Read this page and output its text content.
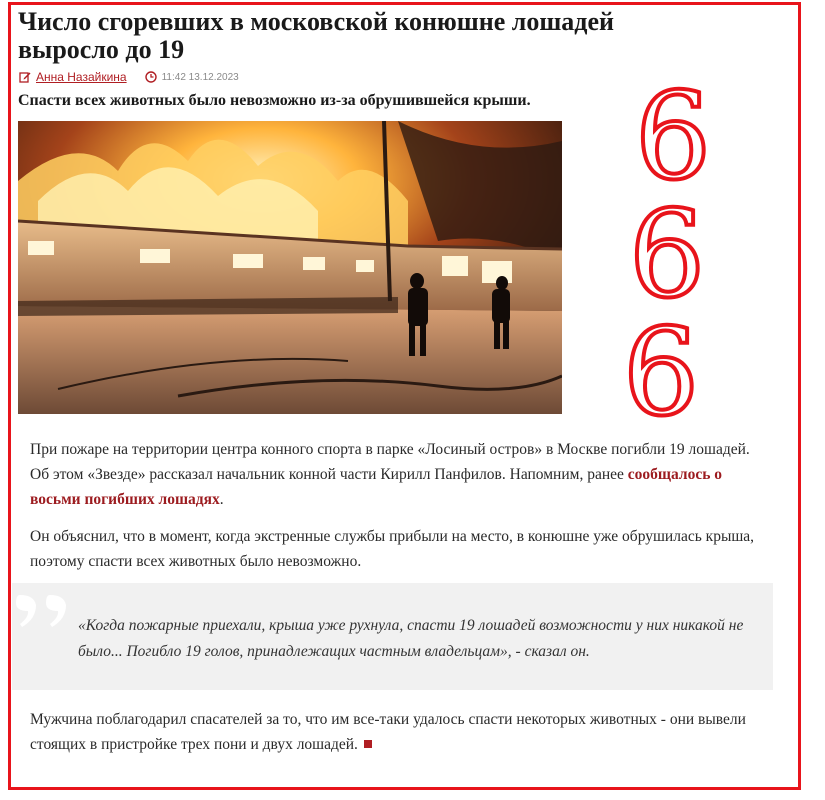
Число сгоревших в московской конюшне лошадей выросло до 19
Анна Назайкина	11:42 13.12.2023

Спасти всех животных было невозможно из-за обрушившейся крыши. 6 6 6

При пожаре на территории центра конного спорта в парке «Лосиный остров» в Москве погибли 19 лошадей. Об этом «Звезде» рассказал начальник конной части Кирилл Панфилов. Напомним, ранее сообщалось о восьми погибших лошадях.

Он объяснил, что в момент, когда экстренные службы прибыли на место, в конюшне уже обрушилась крыша, поэтому спасти всех животных было невозможно.

«Когда пожарные приехали, крыша уже рухнула, спасти 19 лошадей возможности у них никакой не было... Погибло 19 голов, принадлежащих частным владельцам», - сказал он.

Мужчина поблагодарил спасателей за то, что им все-таки удалось спасти некоторых животных - они вывели стоящих в пристройке трех пони и двух лошадей.
